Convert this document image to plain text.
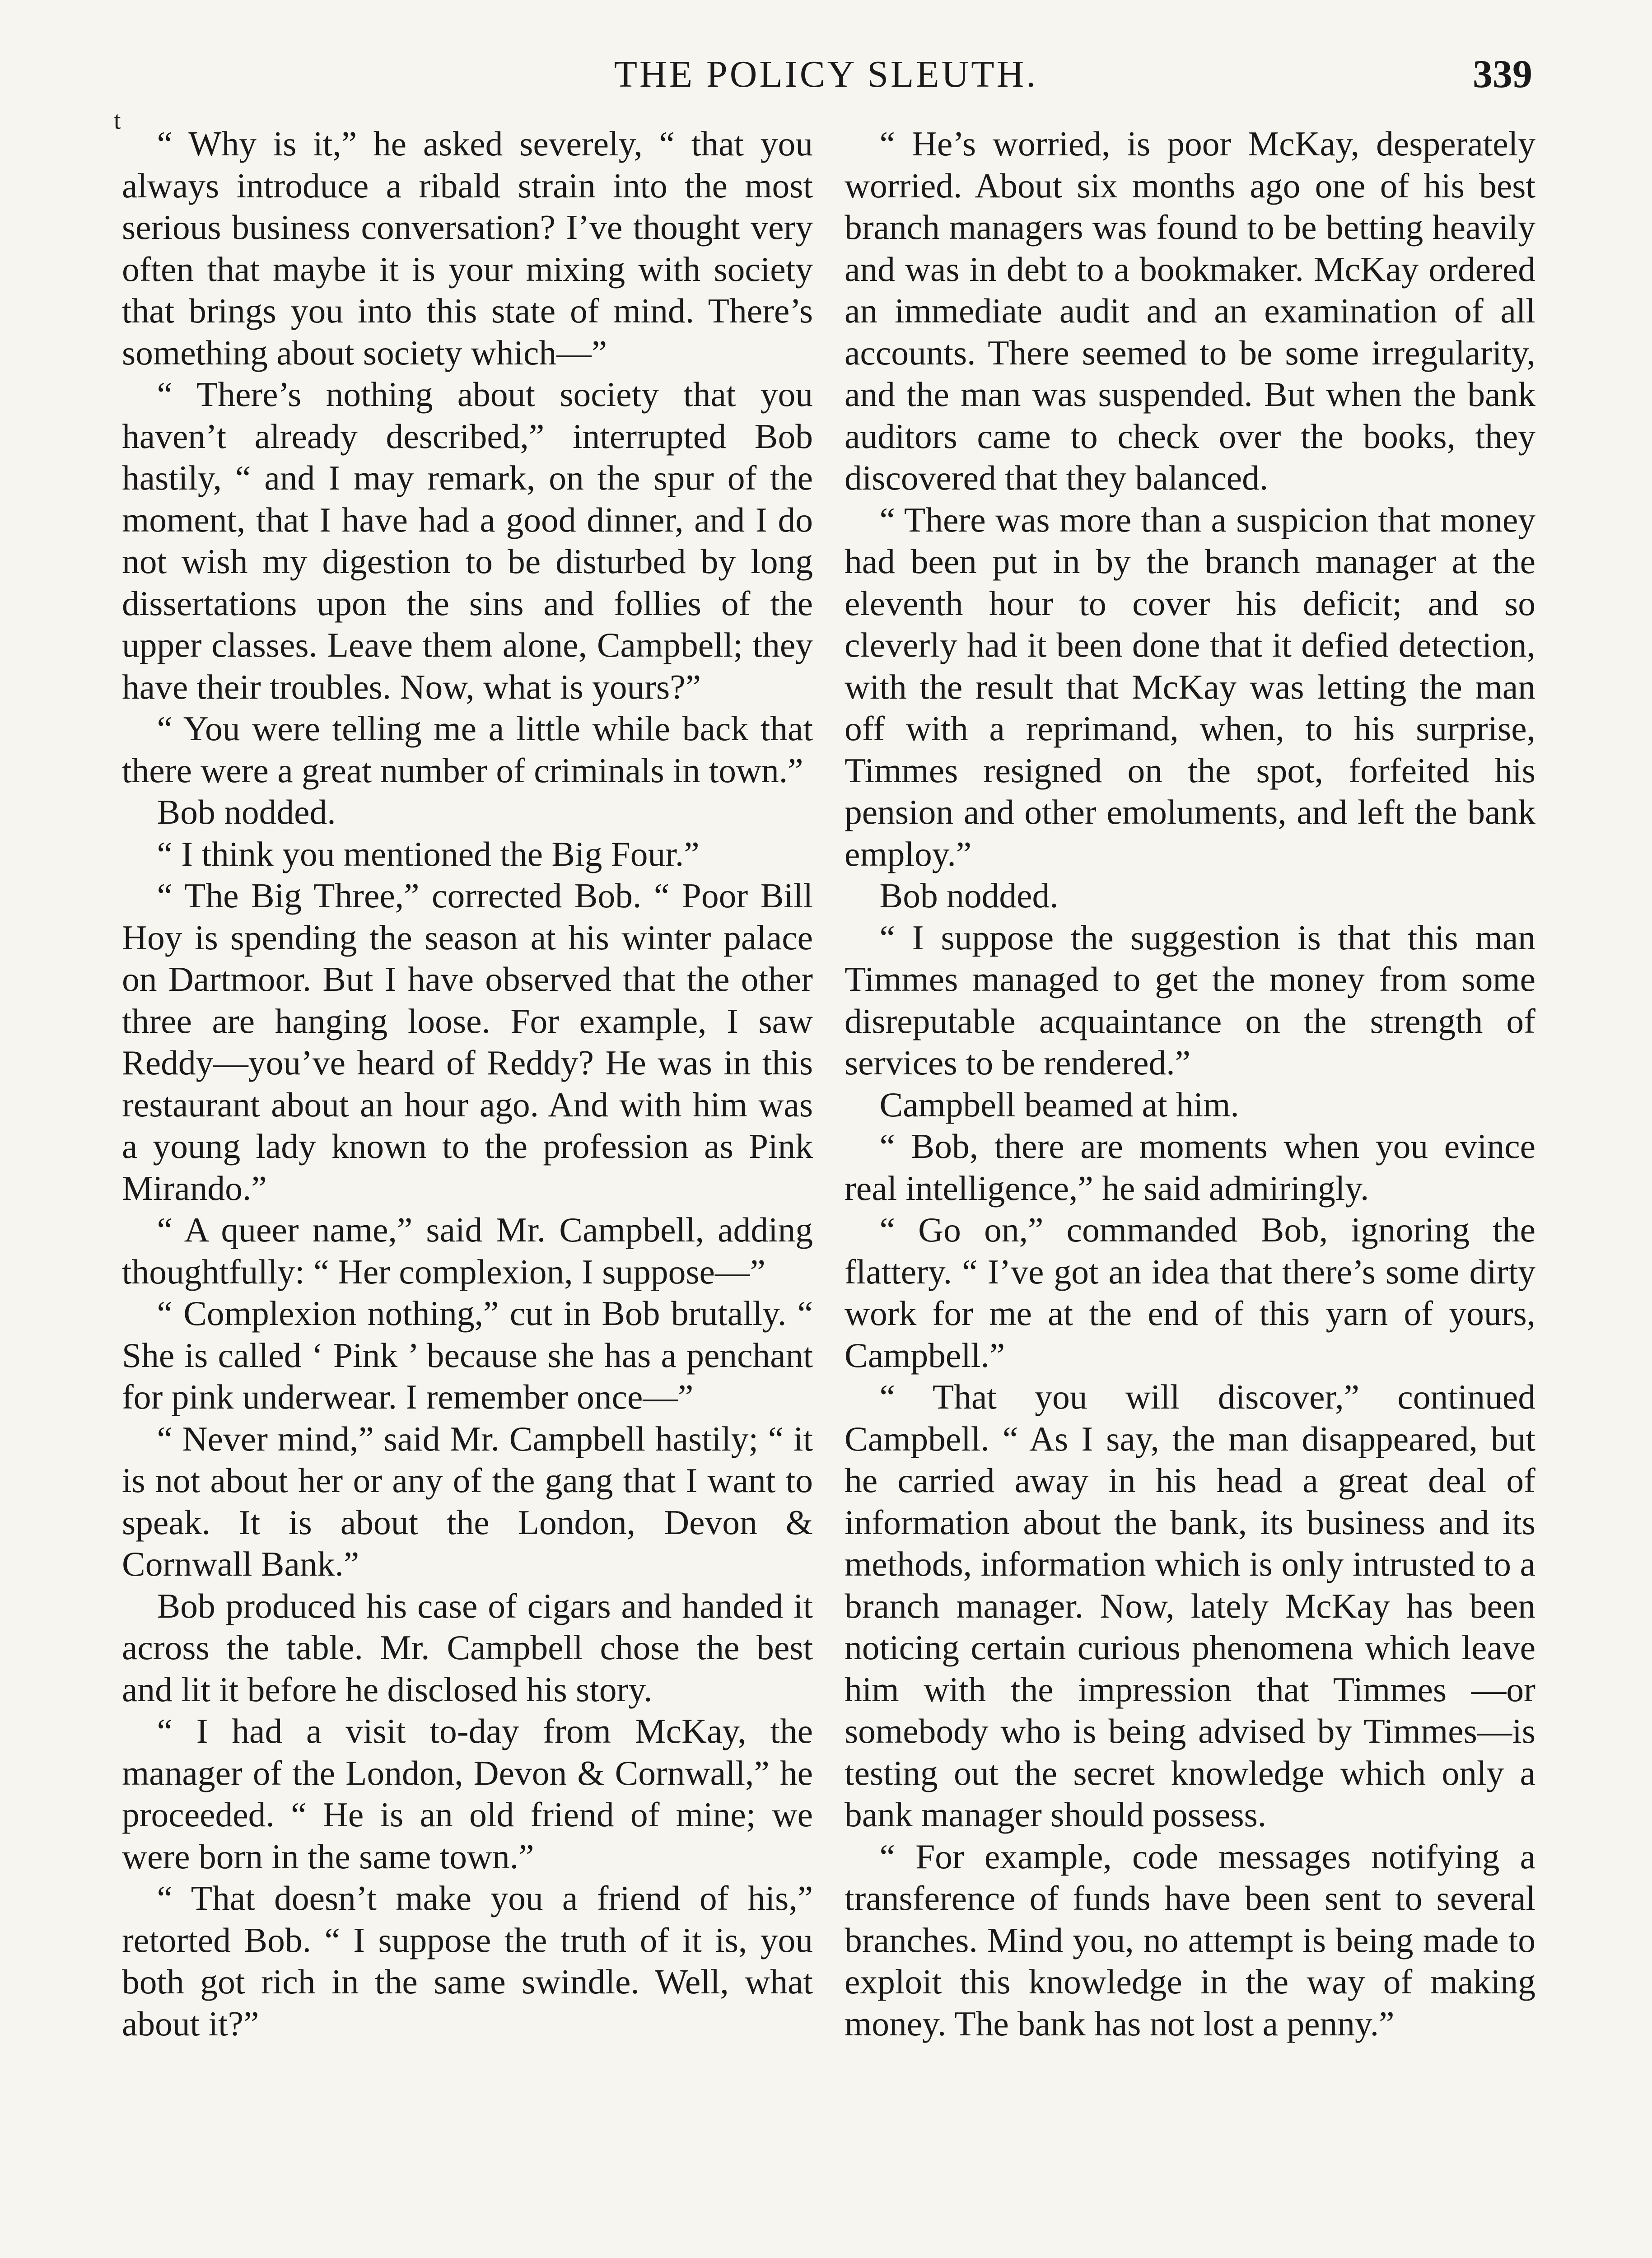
THE POLICY SLEUTH.	339
t

“ Why is it,” he asked severely, “ that you always introduce a ribald strain into the most serious business conversation? I’ve thought very often that maybe it is your mixing with society that brings you into this state of mind. There’s something about society which—”

“ There’s nothing about society that you haven’t already described,” interrupted Bob hastily, “ and I may remark, on the spur of the moment, that I have had a good dinner, and I do not wish my digestion to be disturbed by long dissertations upon the sins and follies of the upper classes. Leave them alone, Campbell; they have their troubles. Now, what is yours?”

“ You were telling me a little while back that there were a great number of criminals in town.”

Bob nodded.

“ I think you mentioned the Big Four.”

“ The Big Three,” corrected Bob. “ Poor Bill Hoy is spending the season at his winter palace on Dartmoor. But I have observed that the other three are hanging loose. For example, I saw Reddy—you’ve heard of Reddy? He was in this restaurant about an hour ago. And with him was a young lady known to the profession as Pink Mirando.”

“ A queer name,” said Mr. Campbell, adding thoughtfully: “ Her complexion, I suppose—”

“ Complexion nothing,” cut in Bob brutally. “ She is called ‘ Pink ’ because she has a penchant for pink underwear. I remember once—”

“ Never mind,” said Mr. Campbell hastily; “ it is not about her or any of the gang that I want to speak. It is about the London, Devon & Cornwall Bank.”

Bob produced his case of cigars and handed it across the table. Mr. Campbell chose the best and lit it before he disclosed his story.

“ I had a visit to-day from McKay, the manager of the London, Devon & Cornwall,” he proceeded. “ He is an old friend of mine; we were born in the same town.”

“ That doesn’t make you a friend of his,” retorted Bob. “ I suppose the truth of it is, you both got rich in the same swindle. Well, what about it?”

“ He’s worried, is poor McKay, desperately worried. About six months ago one of his best branch managers was found to be betting heavily and was in debt to a bookmaker. McKay ordered an immediate audit and an examination of all accounts. There seemed to be some irregularity, and the man was suspended. But when the bank auditors came to check over the books, they discovered that they balanced.

“ There was more than a suspicion that money had been put in by the branch manager at the eleventh hour to cover his deficit; and so cleverly had it been done that it defied detection, with the result that McKay was letting the man off with a reprimand, when, to his surprise, Timmes resigned on the spot, forfeited his pension and other emoluments, and left the bank employ.”

Bob nodded.

“ I suppose the suggestion is that this man Timmes managed to get the money from some disreputable acquaintance on the strength of services to be rendered.”

Campbell beamed at him.

“ Bob, there are moments when you evince real intelligence,” he said admiringly.

“ Go on,” commanded Bob, ignoring the flattery. “ I’ve got an idea that there’s some dirty work for me at the end of this yarn of yours, Campbell.”

“ That you will discover,” continued Campbell. “ As I say, the man disappeared, but he carried away in his head a great deal of information about the bank, its business and its methods, information which is only intrusted to a branch manager. Now, lately McKay has been noticing certain curious phenomena which leave him with the impression that Timmes —or somebody who is being advised by Timmes—is testing out the secret knowledge which only a bank manager should possess.

“ For example, code messages notifying a transference of funds have been sent to several branches. Mind you, no attempt is being made to exploit this knowledge in the way of making money. The bank has not lost a penny.”
